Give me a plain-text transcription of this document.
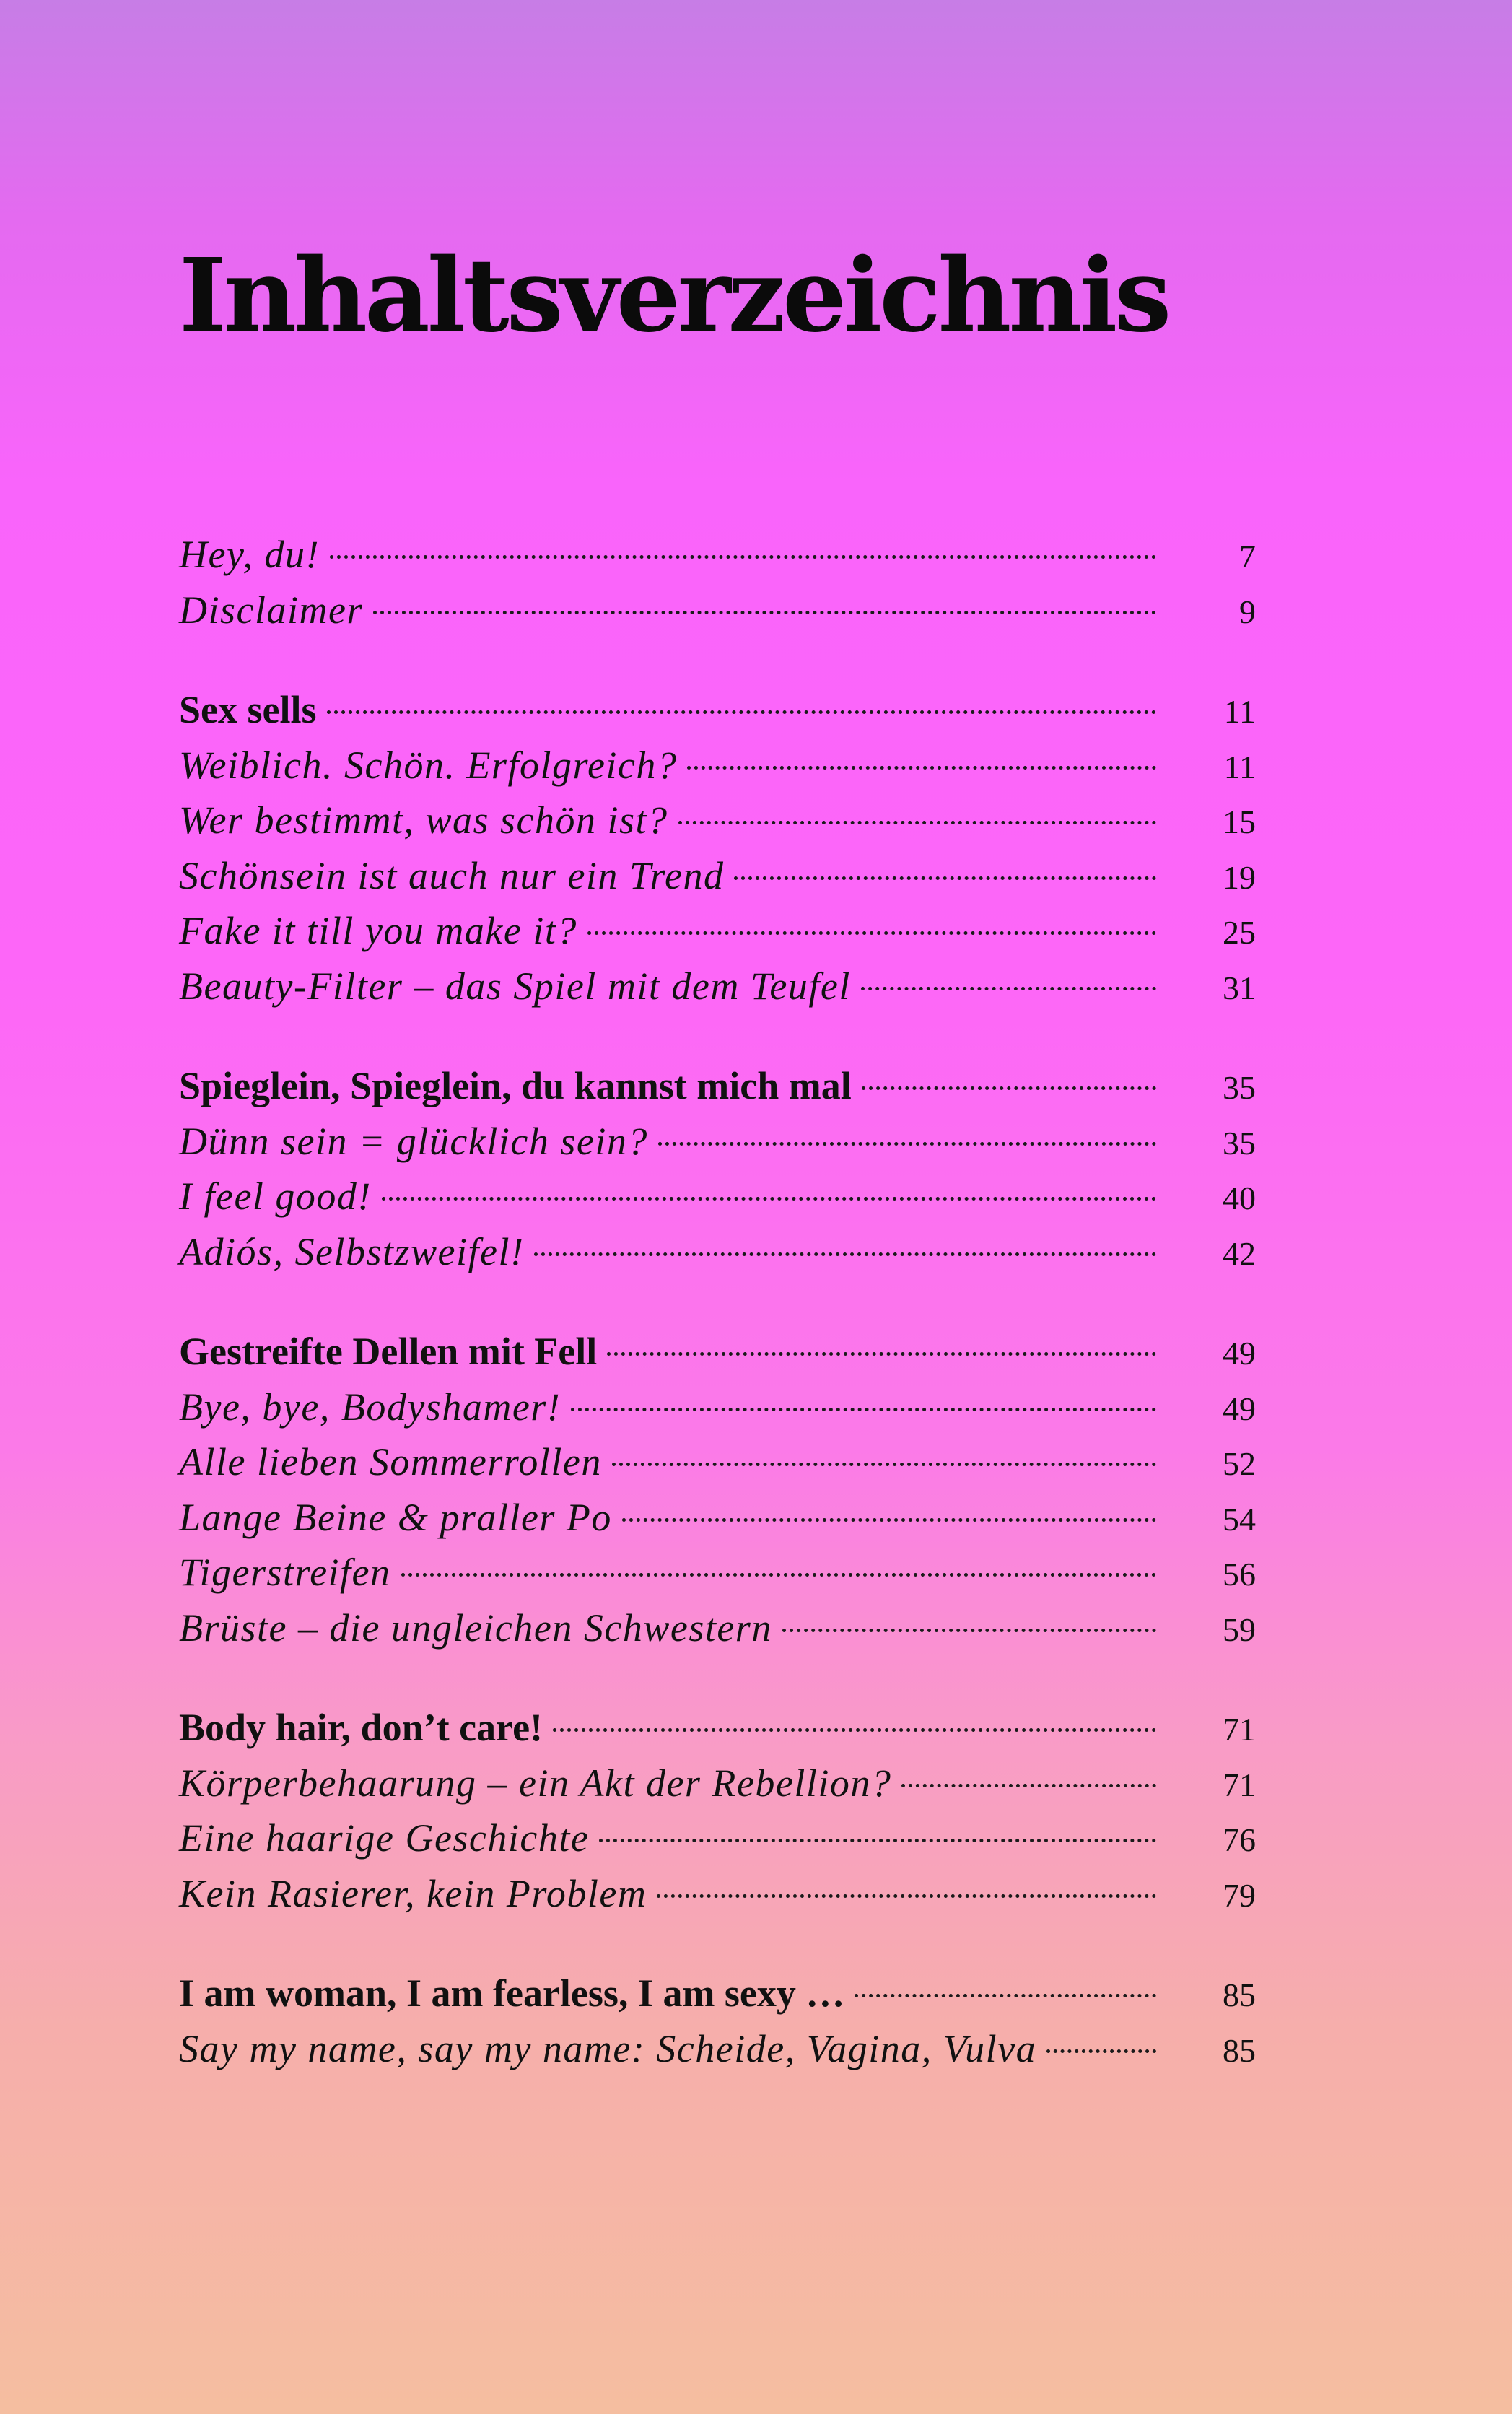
Inhaltsverzeichnis
Hey, du!	7
Disclaimer	9
Sex sells	11
Weiblich. Schön. Erfolgreich?	11
Wer bestimmt, was schön ist?	15
Schönsein ist auch nur ein Trend	19
Fake it till you make it?	25
Beauty-Filter – das Spiel mit dem Teufel	31
Spieglein, Spieglein, du kannst mich mal	35
Dünn sein = glücklich sein?	35
I feel good!	40
Adiós, Selbstzweifel!	42
Gestreifte Dellen mit Fell	49
Bye, bye, Bodyshamer!	49
Alle lieben Sommerrollen	52
Lange Beine & praller Po	54
Tigerstreifen	56
Brüste – die ungleichen Schwestern	59
Body hair, don’t care!	71
Körperbehaarung – ein Akt der Rebellion?	71
Eine haarige Geschichte	76
Kein Rasierer, kein Problem	79
I am woman, I am fearless, I am sexy …	85
Say my name, say my name: Scheide, Vagina, Vulva	85
